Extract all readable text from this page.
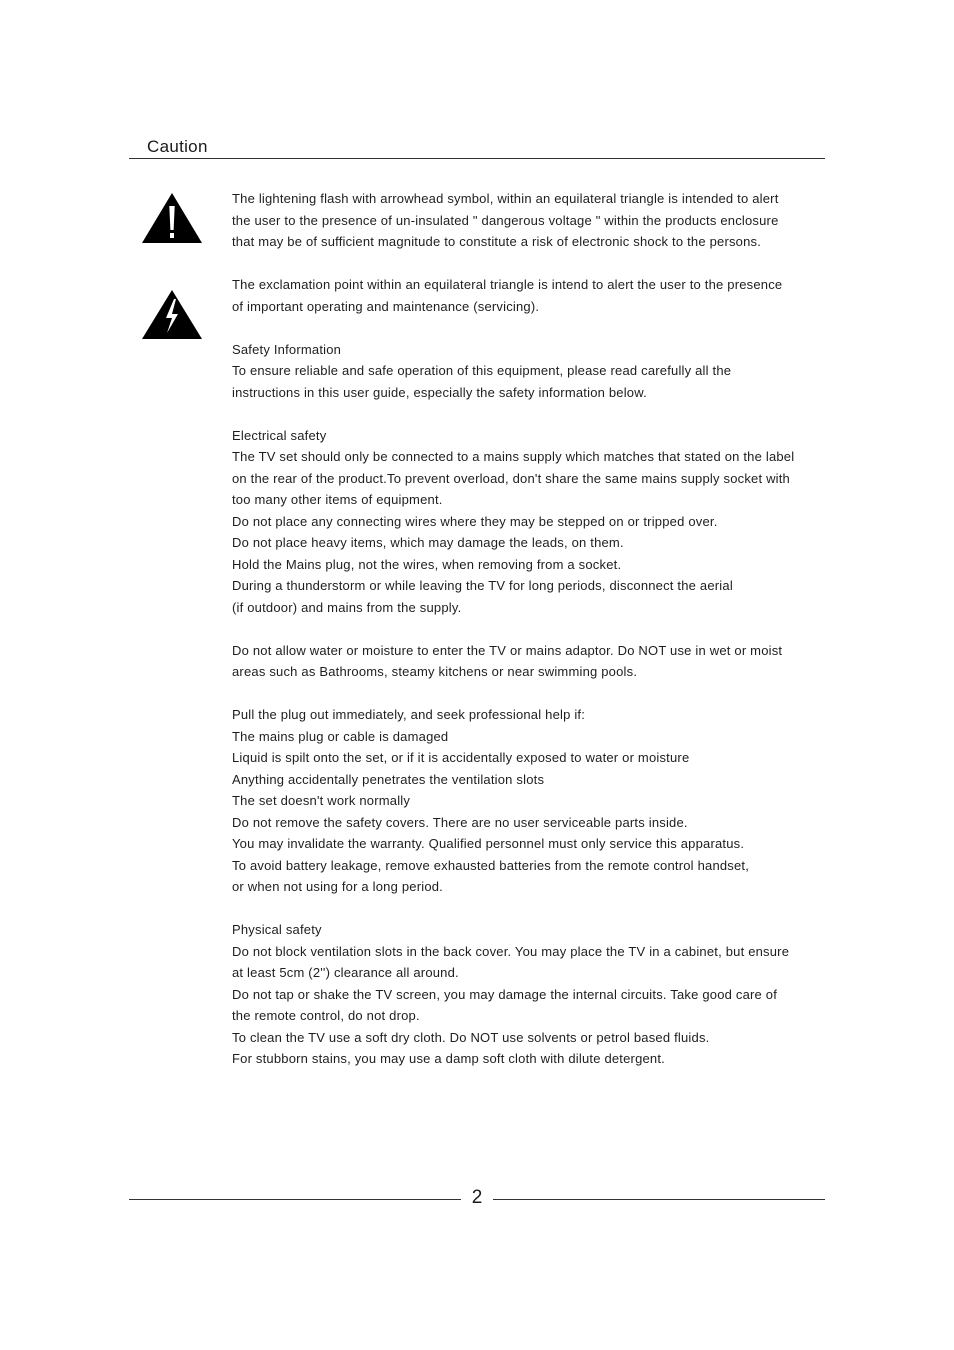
Caution
The lightening flash with arrowhead symbol, within an equilateral triangle is intended to alert
the user to the presence of un-insulated " dangerous voltage " within the products enclosure
that may be of sufficient magnitude to constitute a risk of electronic shock to the persons.
The exclamation point within an equilateral triangle is intend to alert the user to the presence
of important operating and maintenance (servicing).
Safety Information
To ensure reliable and safe operation of this equipment, please read carefully all the
instructions in this user guide, especially the safety information below.
Electrical safety
The TV set should only be connected to a mains supply which matches that stated on the label
on the rear of the product.To prevent overload, don't share the same mains supply socket with
too many other items of equipment.
Do not place any connecting wires where they may be stepped on or tripped over.
Do not place heavy items, which may damage the leads, on them.
Hold the Mains plug, not the wires, when removing from a socket.
During a thunderstorm or while leaving the TV for long periods, disconnect the aerial
(if outdoor) and mains from the supply.
Do not allow water or moisture to enter the TV or mains adaptor. Do NOT use in wet or moist
areas such as Bathrooms, steamy kitchens or near swimming pools.
Pull the plug out immediately, and seek professional help if:
The mains plug or cable is damaged
Liquid is spilt onto the set, or if it is accidentally exposed to water or moisture
Anything accidentally penetrates the ventilation slots
The set doesn't work normally
Do not remove the safety covers. There are no user serviceable parts inside.
You may invalidate the warranty. Qualified personnel must only service this apparatus.
To avoid battery leakage, remove exhausted batteries from the remote control handset,
or when not using for a long period.
Physical safety
Do not block ventilation slots in the back cover. You may place the TV in a cabinet, but ensure
at least 5cm (2'') clearance all around.
Do not tap or shake the TV screen, you may damage the internal circuits. Take good care of
the remote control, do not drop.
To clean the TV use a soft dry cloth. Do NOT use solvents or petrol based fluids.
For stubborn stains, you may use a damp soft cloth with dilute detergent.
2
